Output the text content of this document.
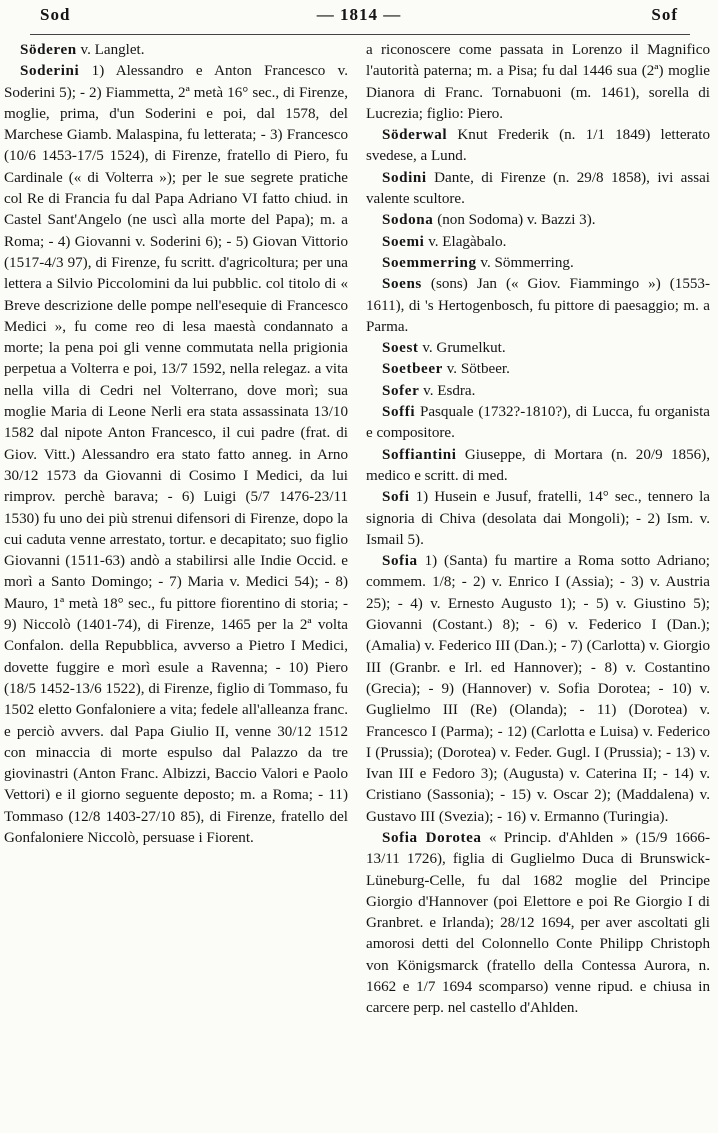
Sod	— 1814 —	Sof

Söderen v. Langlet.

Soderini 1) Alessandro e Anton Francesco v. Soderini 5); - 2) Fiammetta, 2ª metà 16° sec., di Firenze, moglie, prima, d'un Soderini e poi, dal 1578, del Marchese Giamb. Malaspina, fu letterata; - 3) Francesco (10/6 1453-17/5 1524), di Firenze, fratello di Piero, fu Cardinale (« di Volterra »); per le sue segrete pratiche col Re di Francia fu dal Papa Adriano VI fatto chiud. in Castel Sant'Angelo (ne uscì alla morte del Papa); m. a Roma; - 4) Giovanni v. Soderini 6); - 5) Giovan Vittorio (1517-4/3 97), di Firenze, fu scritt. d'agricoltura; per una lettera a Silvio Piccolomini da lui pubblic. col titolo di « Breve descrizione delle pompe nell'esequie di Francesco Medici », fu come reo di lesa maestà condannato a morte; la pena poi gli venne commutata nella prigionia perpetua a Volterra e poi, 13/7 1592, nella relegaz. a vita nella villa di Cedri nel Volterrano, dove morì; sua moglie Maria di Leone Nerli era stata assassinata 13/10 1582 dal nipote Anton Francesco, il cui padre (frat. di Giov. Vitt.) Alessandro era stato fatto anneg. in Arno 30/12 1573 da Giovanni di Cosimo I Medici, da lui rimprov. perchè barava; - 6) Luigi (5/7 1476-23/11 1530) fu uno dei più strenui difensori di Firenze, dopo la cui caduta venne arrestato, tortur. e decapitato; suo figlio Giovanni (1511-63) andò a stabilirsi alle Indie Occid. e morì a Santo Domingo; - 7) Maria v. Medici 54); - 8) Mauro, 1ª metà 18° sec., fu pittore fiorentino di storia; - 9) Niccolò (1401-74), di Firenze, 1465 per la 2ª volta Confalon. della Repubblica, avverso a Pietro I Medici, dovette fuggire e morì esule a Ravenna; - 10) Piero (18/5 1452-13/6 1522), di Firenze, figlio di Tommaso, fu 1502 eletto Gonfaloniere a vita; fedele all'alleanza franc. e perciò avvers. dal Papa Giulio II, venne 30/12 1512 con minaccia di morte espulso dal Palazzo da tre giovinastri (Anton Franc. Albizzi, Baccio Valori e Paolo Vettori) e il giorno seguente deposto; m. a Roma; - 11) Tommaso (12/8 1403-27/10 85), di Firenze, fratello del Gonfaloniere Niccolò, persuase i Fiorent.

a riconoscere come passata in Lorenzo il Magnifico l'autorità paterna; m. a Pisa; fu dal 1446 sua (2ª) moglie Dianora di Franc. Tornabuoni (m. 1461), sorella di Lucrezia; figlio: Piero.

Söderwal Knut Frederik (n. 1/1 1849) letterato svedese, a Lund.

Sodini Dante, di Firenze (n. 29/8 1858), ivi assai valente scultore.

Sodona (non Sodoma) v. Bazzi 3).

Soemi v. Elagàbalo.

Soemmerring v. Sömmerring.

Soens (sons) Jan (« Giov. Fiammingo ») (1553-1611), di 's Hertogenbosch, fu pittore di paesaggio; m. a Parma.

Soest v. Grumelkut.

Soetbeer v. Sötbeer.

Sofer v. Esdra.

Soffi Pasquale (1732?-1810?), di Lucca, fu organista e compositore.

Soffiantini Giuseppe, di Mortara (n. 20/9 1856), medico e scritt. di med.

Sofi 1) Husein e Jusuf, fratelli, 14° sec., tennero la signoria di Chiva (desolata dai Mongoli); - 2) Ism. v. Ismail 5).

Sofia 1) (Santa) fu martire a Roma sotto Adriano; commem. 1/8; - 2) v. Enrico I (Assia); - 3) v. Austria 25); - 4) v. Ernesto Augusto 1); - 5) v. Giustino 5); Giovanni (Costant.) 8); - 6) v. Federico I (Dan.); (Amalia) v. Federico III (Dan.); - 7) (Carlotta) v. Giorgio III (Granbr. e Irl. ed Hannover); - 8) v. Costantino (Grecia); - 9) (Hannover) v. Sofia Dorotea; - 10) v. Guglielmo III (Re) (Olanda); - 11) (Dorotea) v. Francesco I (Parma); - 12) (Carlotta e Luisa) v. Federico I (Prussia); (Dorotea) v. Feder. Gugl. I (Prussia); - 13) v. Ivan III e Fedoro 3); (Augusta) v. Caterina II; - 14) v. Cristiano (Sassonia); - 15) v. Oscar 2); (Maddalena) v. Gustavo III (Svezia); - 16) v. Ermanno (Turingia).

Sofia Dorotea « Princip. d'Ahlden » (15/9 1666-13/11 1726), figlia di Guglielmo Duca di Brunswick-Lüneburg-Celle, fu dal 1682 moglie del Principe Giorgio d'Hannover (poi Elettore e poi Re Giorgio I di Granbret. e Irlanda); 28/12 1694, per aver ascoltati gli amorosi detti del Colonnello Conte Philipp Christoph von Königsmarck (fratello della Contessa Aurora, n. 1662 e 1/7 1694 scomparso) venne ripud. e chiusa in carcere perp. nel castello d'Ahlden.
